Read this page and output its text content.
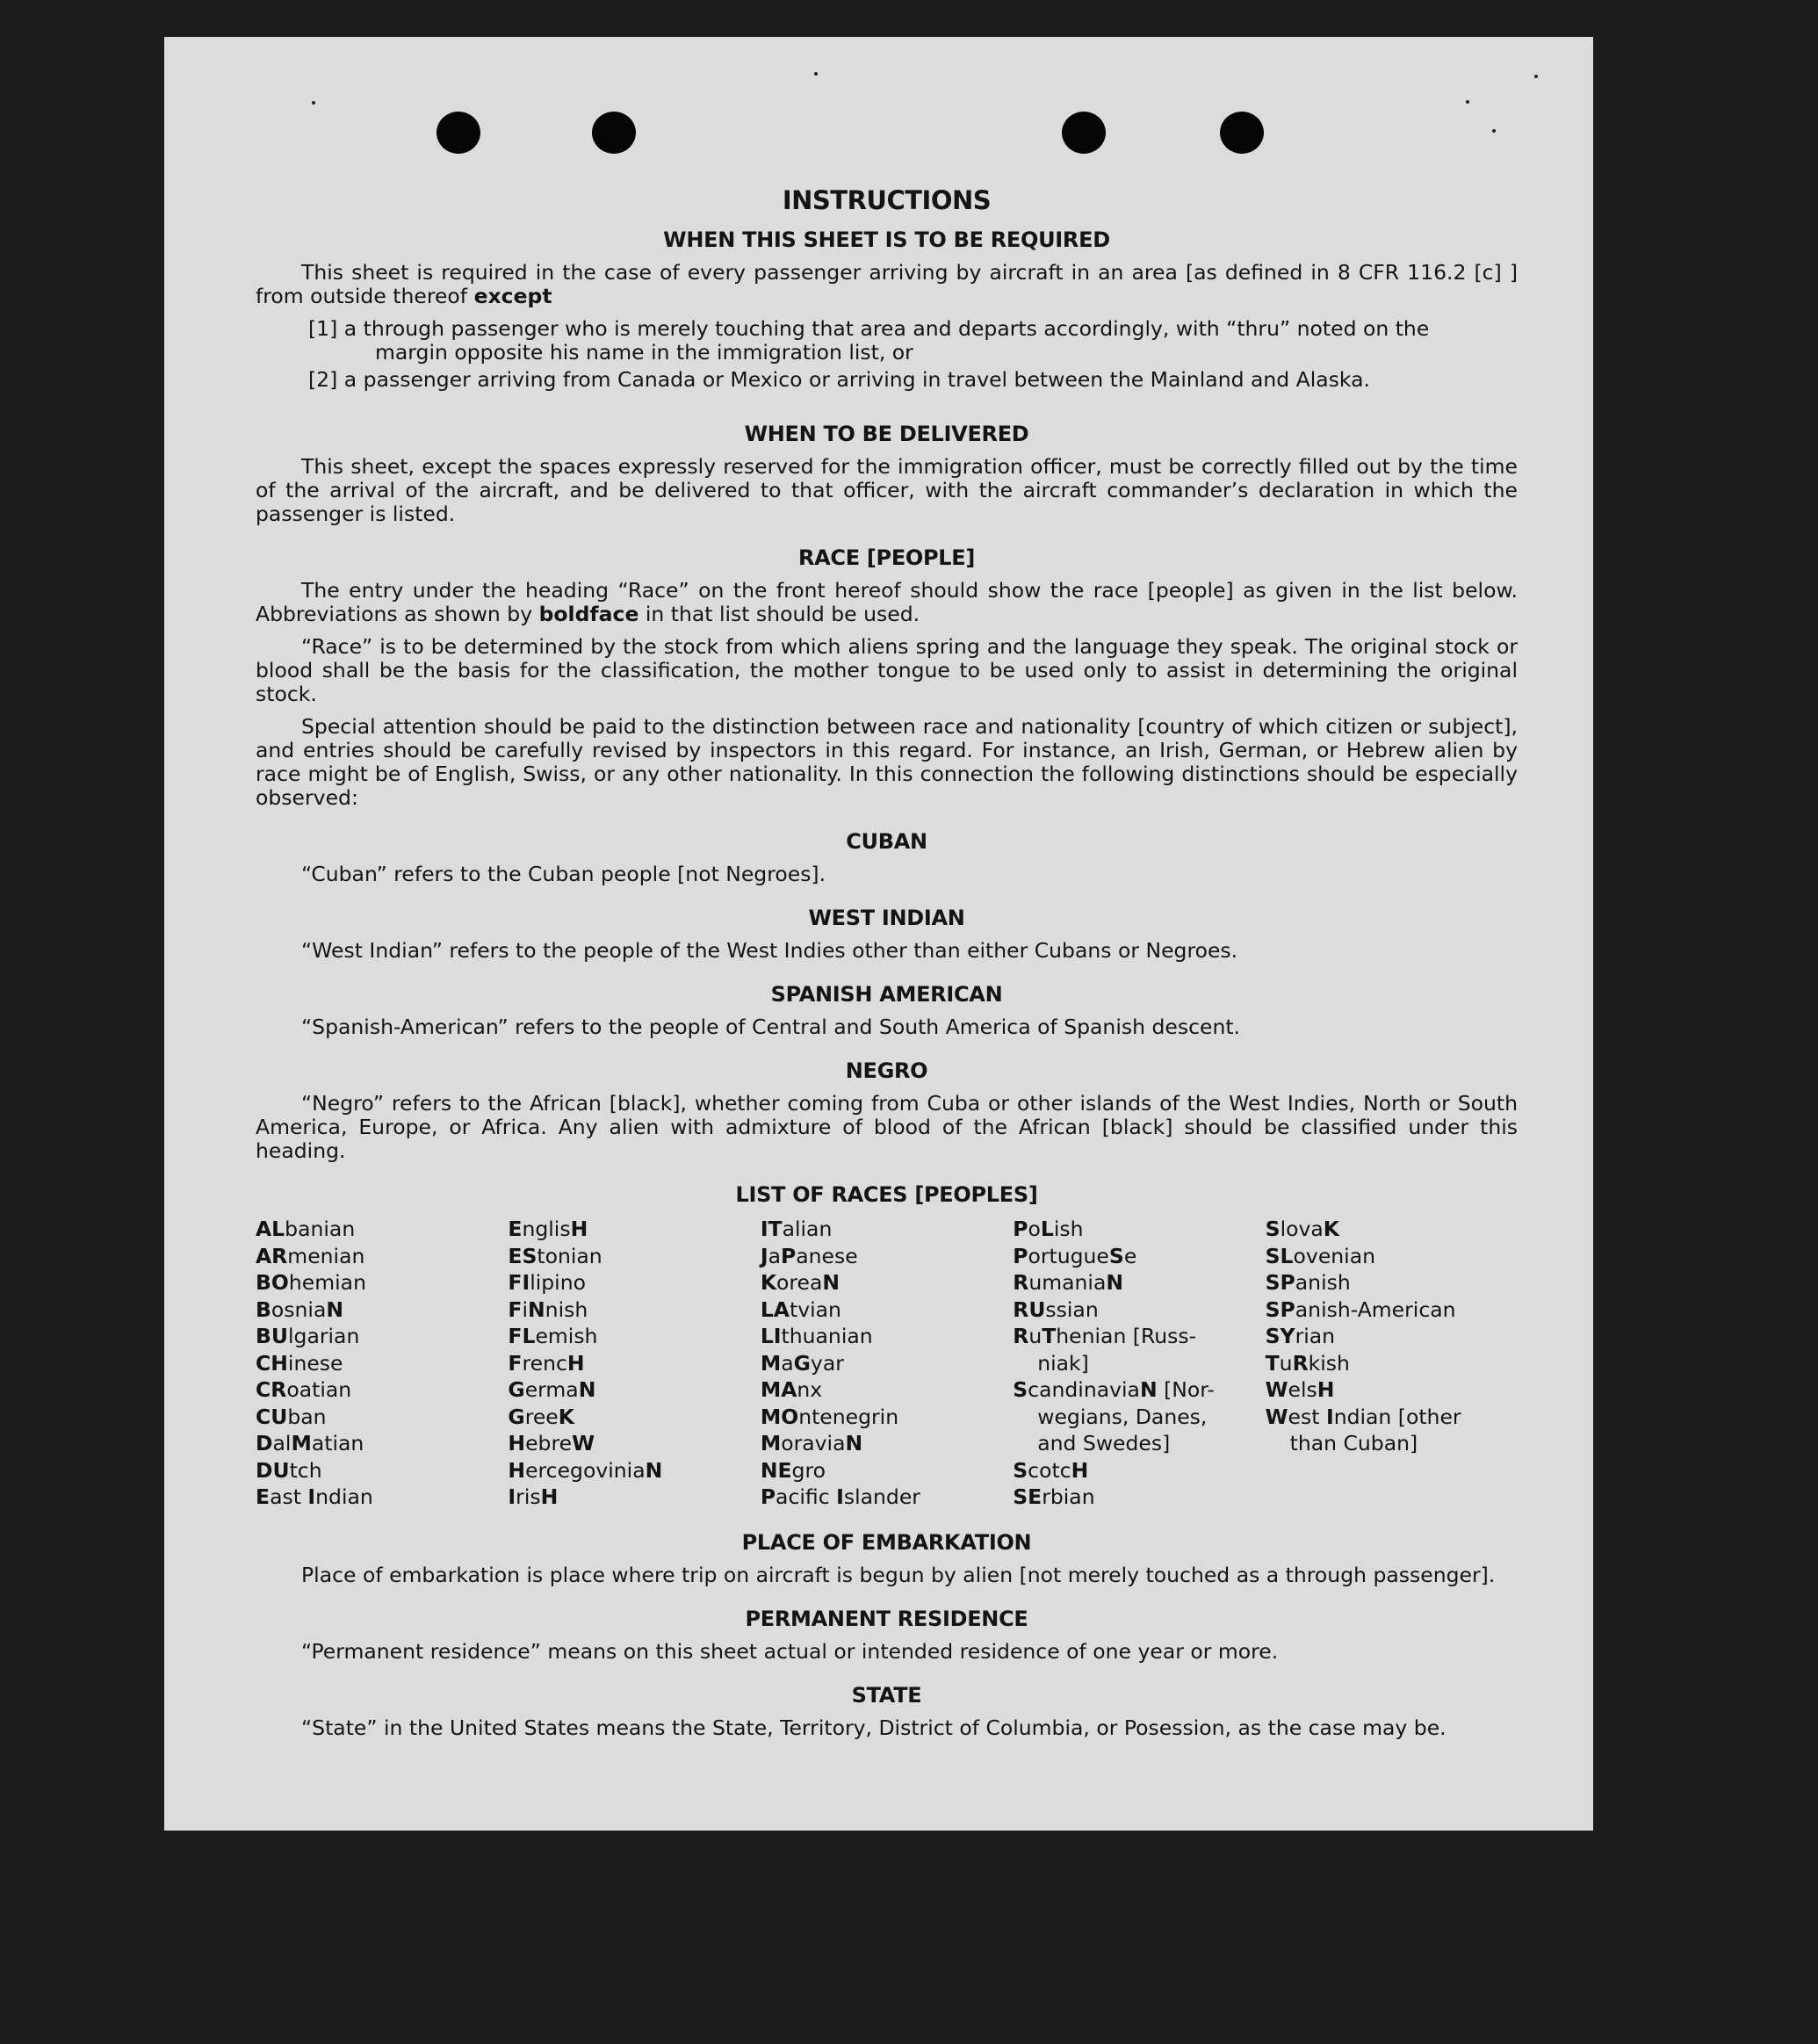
INSTRUCTIONS
WHEN THIS SHEET IS TO BE REQUIRED

This sheet is required in the case of every passenger arriving by aircraft in an area [as defined in 8 CFR 116.2 [c] ] from outside thereof except

[1] a through passenger who is merely touching that area and departs accordingly, with “thru” noted on the
margin opposite his name in the immigration list, or
[2] a passenger arriving from Canada or Mexico or arriving in travel between the Mainland and Alaska.
WHEN TO BE DELIVERED

This sheet, except the spaces expressly reserved for the immigration officer, must be correctly filled out by the time of the arrival of the aircraft, and be delivered to that officer, with the aircraft commander’s declaration in which the passenger is listed.

RACE [PEOPLE]

The entry under the heading “Race” on the front hereof should show the race [people] as given in the list below. Abbreviations as shown by boldface in that list should be used.

“Race” is to be determined by the stock from which aliens spring and the language they speak. The original stock or blood shall be the basis for the classification, the mother tongue to be used only to assist in determining the original stock.

Special attention should be paid to the distinction between race and nationality [country of which citizen or subject], and entries should be carefully revised by inspectors in this regard. For instance, an Irish, German, or Hebrew alien by race might be of English, Swiss, or any other nationality. In this connection the following distinctions should be especially observed:

CUBAN

“Cuban” refers to the Cuban people [not Negroes].

WEST INDIAN

“West Indian” refers to the people of the West Indies other than either Cubans or Negroes.

SPANISH AMERICAN

“Spanish-American” refers to the people of Central and South America of Spanish descent.

NEGRO

“Negro” refers to the African [black], whether coming from Cuba or other islands of the West Indies, North or South America, Europe, or Africa. Any alien with admixture of blood of the African [black] should be classified under this heading.

LIST OF RACES [PEOPLES]
ALbanian
ARmenian
BOhemian
BosniaN
BUlgarian
CHinese
CRoatian
CUban
DalMatian
DUtch
East Indian
EnglisH
EStonian
FIlipino
FiNnish
FLemish
FrencH
GermaN
GreeK
HebreW
HercegoviniaN
IrisH
ITalian
JaPanese
KoreaN
LAtvian
LIthuanian
MaGyar
MAnx
MOntenegrin
MoraviaN
NEgro
Pacific Islander
PoLish
PortugueSe
RumaniaN
RUssian
RuThenian [Russ-
niak]
ScandinaviaN [Nor-
wegians, Danes,
and Swedes]
ScotcH
SErbian
SlovaK
SLovenian
SPanish
SPanish-American
SYrian
TuRkish
WelsH
West Indian [other
than Cuban]
PLACE OF EMBARKATION

Place of embarkation is place where trip on aircraft is begun by alien [not merely touched as a through passenger].

PERMANENT RESIDENCE

“Permanent residence” means on this sheet actual or intended residence of one year or more.

STATE

“State” in the United States means the State, Territory, District of Columbia, or Posession, as the case may be.
